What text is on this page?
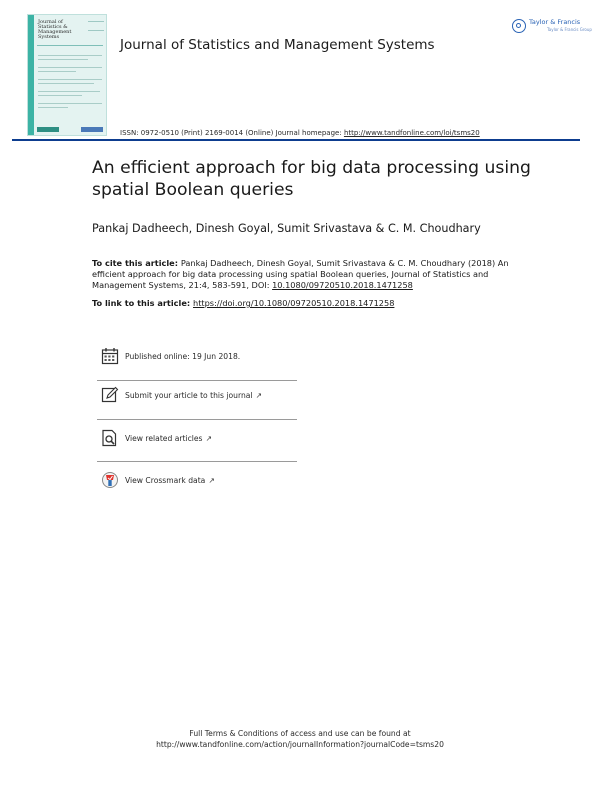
Journal of
Statistics &
Management
Systems	Journal of Statistics and Management Systems
Taylor & Francis
Taylor & Francis Group
ISSN: 0972-0510 (Print) 2169-0014 (Online) Journal homepage: http://www.tandfonline.com/loi/tsms20
An efficient approach for big data processing using spatial Boolean queries
Pankaj Dadheech, Dinesh Goyal, Sumit Srivastava & C. M. Choudhary
To cite this article: Pankaj Dadheech, Dinesh Goyal, Sumit Srivastava & C. M. Choudhary (2018) An efficient approach for big data processing using spatial Boolean queries, Journal of Statistics and Management Systems, 21:4, 583-591, DOI: 10.1080/09720510.2018.1471258
To link to this article: https://doi.org/10.1080/09720510.2018.1471258
Published online: 19 Jun 2018.
Submit your article to this journal ↗
View related articles ↗
View Crossmark data ↗
Full Terms & Conditions of access and use can be found at
http://www.tandfonline.com/action/journalInformation?journalCode=tsms20
